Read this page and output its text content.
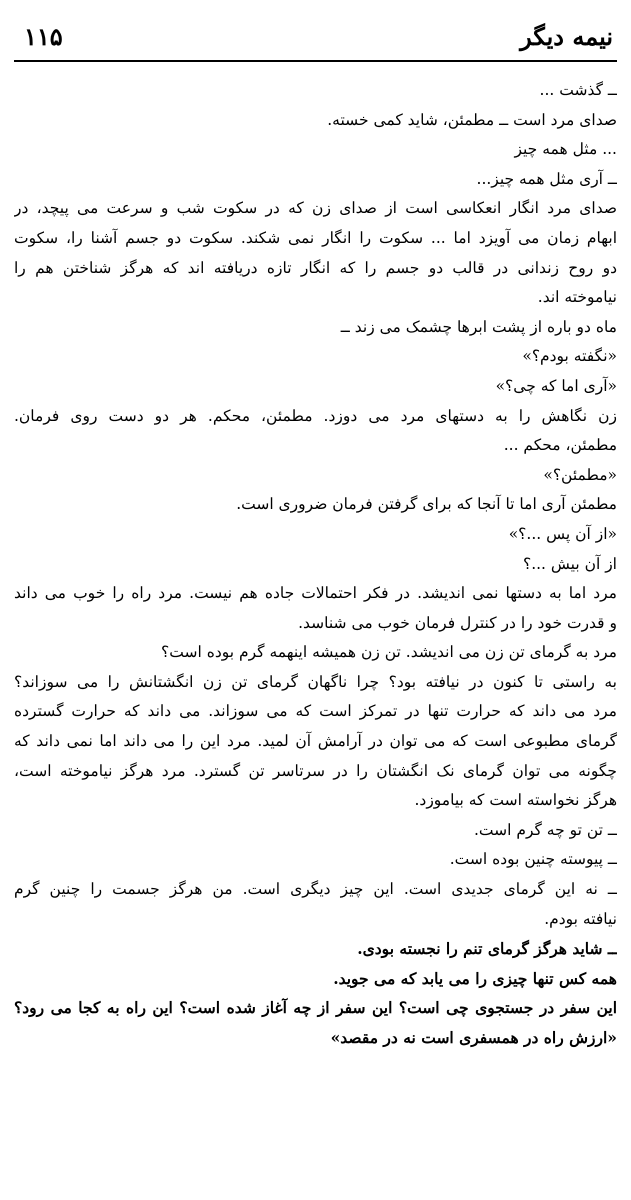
نیمه دیگر
۱۱۵
ــ گذشت ...
صدای مرد است ــ مطمئن، شاید کمی خسته.
... مثل همه چیز
ــ آری مثل همه چیز...
صدای مرد انگار انعکاسی است از صدای زن که در سکوت شب و سرعت می پیچد، در
ابهام زمان می آویزد اما ... سکوت را انگار نمی شکند. سکوت دو جسم آشنا را، سکوت
دو روح زندانی در قالب دو جسم را که انگار تازه دریافته اند که هرگز شناختن هم را
نیاموخته اند.
ماه دو باره از پشت ابرها چشمک می زند ــ
«نگفته بودم؟»
«آری اما که چی؟»
زن نگاهش را به دستهای مرد می دوزد. مطمئن، محکم. هر دو دست روی فرمان.
مطمئن، محکم ...
«مطمئن؟»
مطمئن آری اما تا آنجا که برای گرفتن فرمان ضروری است.
«از آن پس ...؟»
از آن بیش ...؟
مرد اما به دستها نمی اندیشد. در فکر احتمالات جاده هم نیست. مرد راه را خوب می داند
و قدرت خود را در کنترل فرمان خوب می شناسد.
مرد به گرمای تن زن می اندیشد. تن زن همیشه اینهمه گرم بوده است؟
به راستی تا کنون در نیافته بود؟ چرا ناگهان گرمای تن زن انگشتانش را می سوزاند؟
مرد می داند که حرارت تنها در تمرکز است که می سوزاند. می داند که حرارت گسترده
گرمای مطبوعی است که می توان در آرامش آن لمید. مرد این را می داند اما نمی داند که
چگونه می توان گرمای نک انگشتان را در سرتاسر تن گسترد. مرد هرگز نیاموخته است،
هرگز نخواسته است که بیاموزد.
ــ تن تو چه گرم است.
ــ پیوسته چنین بوده است.
ــ نه این گرمای جدیدی است. این چیز دیگری است. من هرگز جسمت را چنین گرم
نیافته بودم.
ــ شاید هرگز گرمای تنم را نجسته بودی.
همه کس تنها چیزی را می یابد که می جوید.
این سفر در جستجوی چی است؟ این سفر از چه آغاز شده است؟ این راه به کجا می رود؟
«ارزش راه در همسفری است نه در مقصد»
